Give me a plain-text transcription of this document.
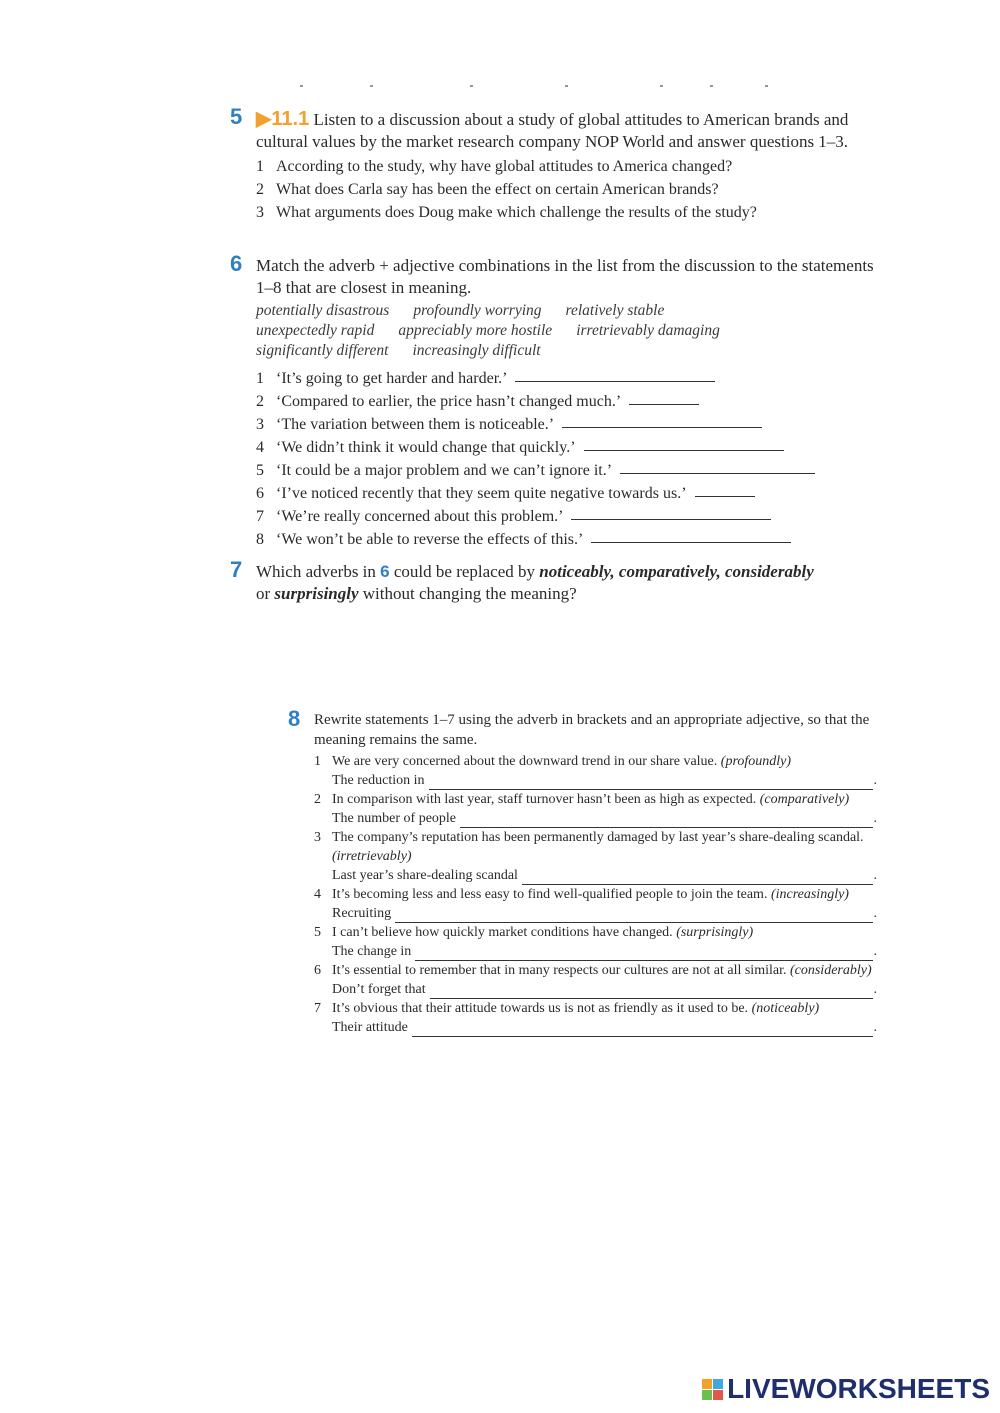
5 ▶11.1 Listen to a discussion about a study of global attitudes to American brands and cultural values by the market research company NOP World and answer questions 1–3.
1 According to the study, why have global attitudes to America changed?
2 What does Carla say has been the effect on certain American brands?
3 What arguments does Doug make which challenge the results of the study?
6 Match the adverb + adjective combinations in the list from the discussion to the statements 1–8 that are closest in meaning.
potentially disastrous profoundly worrying relatively stable
unexpectedly rapid appreciably more hostile irretrievably damaging
significantly different increasingly difficult
1 ‘It’s going to get harder and harder.’
2 ‘Compared to earlier, the price hasn’t changed much.’
3 ‘The variation between them is noticeable.’
4 ‘We didn’t think it would change that quickly.’
5 ‘It could be a major problem and we can’t ignore it.’
6 ‘I’ve noticed recently that they seem quite negative towards us.’
7 ‘We’re really concerned about this problem.’
8 ‘We won’t be able to reverse the effects of this.’
7 Which adverbs in 6 could be replaced by noticeably, comparatively, considerably or surprisingly without changing the meaning?
8 Rewrite statements 1–7 using the adverb in brackets and an appropriate adjective, so that the meaning remains the same.
1 We are very concerned about the downward trend in our share value. (profoundly)
The reduction in	.
2 In comparison with last year, staff turnover hasn’t been as high as expected. (comparatively)
The number of people	.
3 The company’s reputation has been permanently damaged by last year’s share-dealing scandal. (irretrievably)
Last year’s share-dealing scandal	.
4 It’s becoming less and less easy to find well-qualified people to join the team. (increasingly)
Recruiting	.
5 I can’t believe how quickly market conditions have changed. (surprisingly)
The change in	.
6 It’s essential to remember that in many respects our cultures are not at all similar. (considerably)
Don’t forget that	.
7 It’s obvious that their attitude towards us is not as friendly as it used to be. (noticeably)
Their attitude	.
LIVEWORKSHEETS
